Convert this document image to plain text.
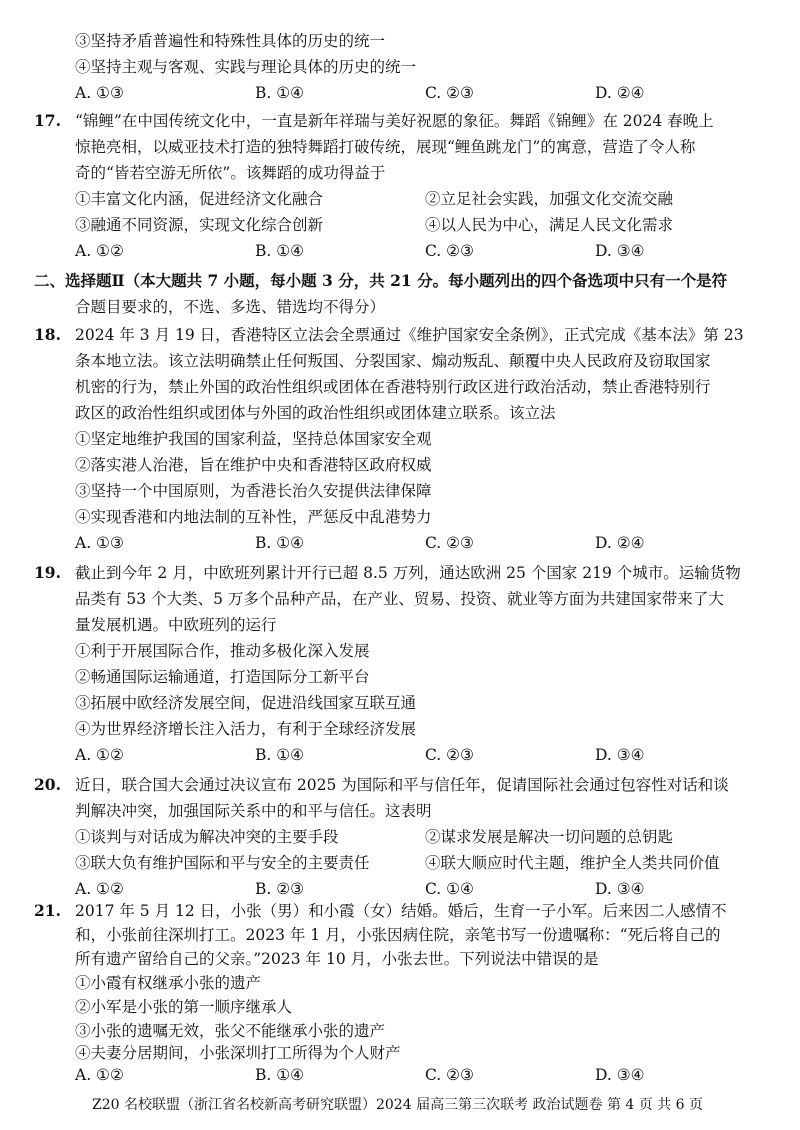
③坚持矛盾普遍性和特殊性具体的历史的统一
④坚持主观与客观、实践与理论具体的历史的统一
A. ①③	B. ①④	C. ②③	D. ②④
17. “锦鲤”在中国传统文化中，一直是新年祥瑞与美好祝愿的象征。舞蹈《锦鲤》在 2024 春晚上
惊艳亮相，以威亚技术打造的独特舞蹈打破传统，展现“鲤鱼跳龙门”的寓意，营造了令人称
奇的“皆若空游无所依”。该舞蹈的成功得益于
①丰富文化内涵，促进经济文化融合	②立足社会实践，加强文化交流交融
③融通不同资源，实现文化综合创新	④以人民为中心，满足人民文化需求
A. ①②	B. ①④	C. ②③	D. ③④
二、选择题Ⅱ（本大题共 7 小题，每小题 3 分，共 21 分。每小题列出的四个备选项中只有一个是符
合题目要求的，不选、多选、错选均不得分）
18. 2024 年 3 月 19 日，香港特区立法会全票通过《维护国家安全条例》，正式完成《基本法》第 23
条本地立法。该立法明确禁止任何叛国、分裂国家、煽动叛乱、颠覆中央人民政府及窃取国家
机密的行为，禁止外国的政治性组织或团体在香港特别行政区进行政治活动，禁止香港特别行
政区的政治性组织或团体与外国的政治性组织或团体建立联系。该立法
①坚定地维护我国的国家利益，坚持总体国家安全观
②落实港人治港，旨在维护中央和香港特区政府权威
③坚持一个中国原则，为香港长治久安提供法律保障
④实现香港和内地法制的互补性，严惩反中乱港势力
A. ①③	B. ①④	C. ②③	D. ②④
19. 截止到今年 2 月，中欧班列累计开行已超 8.5 万列，通达欧洲 25 个国家 219 个城市。运输货物
品类有 53 个大类、5 万多个品种产品，在产业、贸易、投资、就业等方面为共建国家带来了大
量发展机遇。中欧班列的运行
①利于开展国际合作，推动多极化深入发展
②畅通国际运输通道，打造国际分工新平台
③拓展中欧经济发展空间，促进沿线国家互联互通
④为世界经济增长注入活力，有利于全球经济发展
A. ①②	B. ①④	C. ②③	D. ③④
20. 近日，联合国大会通过决议宣布 2025 为国际和平与信任年，促请国际社会通过包容性对话和谈
判解决冲突，加强国际关系中的和平与信任。这表明
①谈判与对话成为解决冲突的主要手段	②谋求发展是解决一切问题的总钥匙
③联大负有维护国际和平与安全的主要责任	④联大顺应时代主题，维护全人类共同价值
A. ①②	B. ②③	C. ①④	D. ③④
21. 2017 年 5 月 12 日，小张（男）和小霞（女）结婚。婚后，生育一子小军。后来因二人感情不
和，小张前往深圳打工。2023 年 1 月，小张因病住院，亲笔书写一份遗嘱称：“死后将自己的
所有遗产留给自己的父亲。”2023 年 10 月，小张去世。下列说法中错误的是
①小霞有权继承小张的遗产
②小军是小张的第一顺序继承人
③小张的遗嘱无效，张父不能继承小张的遗产
Z20 名校联盟（浙江省名校新高考研究联盟）2024 届高三第三次联考 政治试题卷 第 4 页 共 6 页
④夫妻分居期间，小张深圳打工所得为个人财产
A. ①②	B. ①④	C. ②③	D. ③④
